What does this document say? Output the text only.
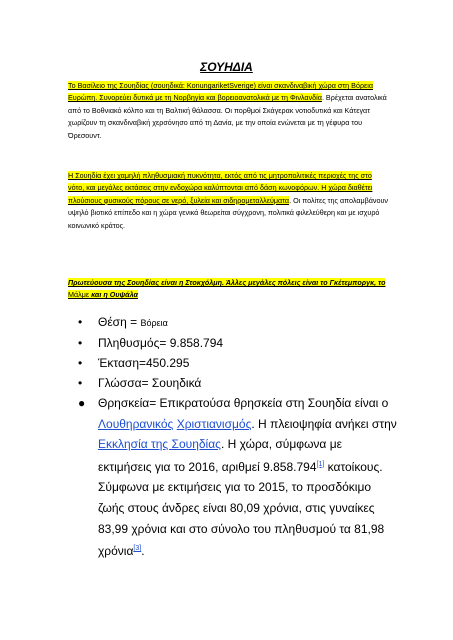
ΣΟΥΗΔΙΑ
Το Βασίλειο της Σουηδίας (σουηδικά: KonungariketSverige) είναι σκανδιναβική χώρα στη Βόρεια Ευρώπη. Συνορεύει δυτικά με τη Νορβηγία και βορειοανατολικά με τη Φινλανδία. Βρέχεται ανατολικά από το Βοθνιακό κόλπο και τη Βαλτική θάλασσα. Οι πορθμοί Σκάγερακ νοτιοδυτικά και Κάτεγατ χωρίζουν τη σκανδιναβική χερσόνησο από τη Δανία, με την οποία ενώνεται με τη γέφυρα του Όρεσουντ.
Η Σουηδία έχει χαμηλή πληθυσμιακή πυκνότητα, εκτός από τις μητροπολιτικές περιοχές της στο νότο, και μεγάλες εκτάσεις στην ενδοχώρα καλύπτονται από δάση κωνοφόρων. Η χώρα διαθέτει πλούσιους φυσικούς πόρους σε νερό, ξυλεία και σιδηρομεταλλεύματα. Οι πολίτες της απολαμβάνουν υψηλό βιοτικό επίπεδο και η χώρα γενικά θεωρείται σύγχρονη, πολιτικά φιλελεύθερη και με ισχυρό κοινωνικό κράτος.
Πρωτεύουσα της Σουηδίας είναι η Στοκχόλμη. Άλλες μεγάλες πόλεις είναι το Γκέτεμποργκ, το Μάλμε και η Ουψάλα
• Θέση = Βόρεια
• Πληθυσμός= 9.858.794
• Έκταση=450.295
• Γλώσσα= Σουηδικά
● Θρησκεία= Επικρατούσα θρησκεία στη Σουηδία είναι ο Λουθηρανικός Χριστιανισμός. Η πλειοψηφία ανήκει στην Εκκλησία της Σουηδίας. Η χώρα, σύμφωνα με εκτιμήσεις για το 2016, αριθμεί 9.858.794[1] κατοίκους. Σύμφωνα με εκτιμήσεις για το 2015, το προσδόκιμο ζωής στους άνδρες είναι 80,09 χρόνια, στις γυναίκες 83,99 χρόνια και στο σύνολο του πληθυσμού τα 81,98 χρόνια[3].
